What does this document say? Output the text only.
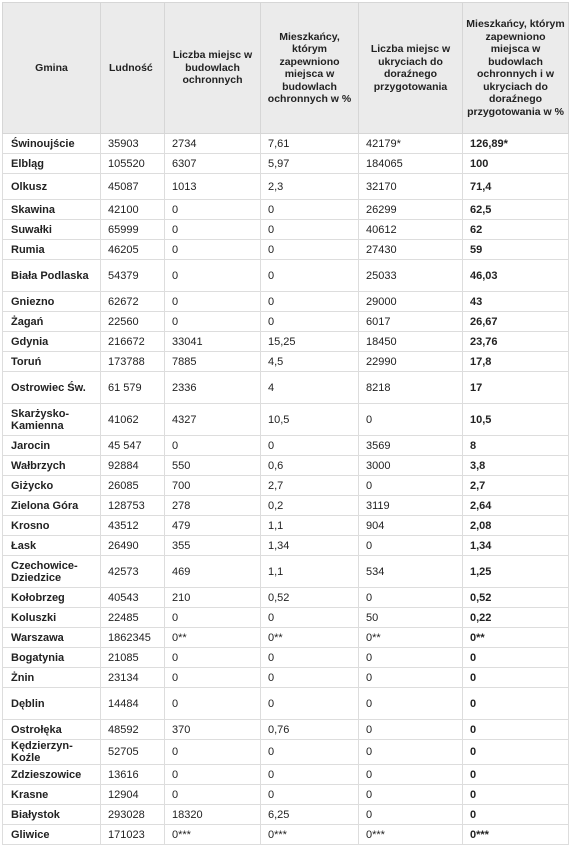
Gmina	Ludność	Liczba miejsc w budowlach ochronnych	Mieszkańcy, którym zapewniono miejsca w budowlach ochronnych w %	Liczba miejsc w ukryciach do doraźnego przygotowania	Mieszkańcy, którym zapewniono miejsca w budowlach ochronnych i w ukryciach do doraźnego przygotowania w %
Świnoujście	35903	2734	7,61	42179*	126,89*
Elbląg	105520	6307	5,97	184065	100
Olkusz	45087	1013	2,3	32170	71,4
Skawina	42100	0	0	26299	62,5
Suwałki	65999	0	0	40612	62
Rumia	46205	0	0	27430	59
Biała Podlaska	54379	0	0	25033	46,03
Gniezno	62672	0	0	29000	43
Żagań	22560	0	0	6017	26,67
Gdynia	216672	33041	15,25	18450	23,76
Toruń	173788	7885	4,5	22990	17,8
Ostrowiec Św.	61 579	2336	4	8218	17
Skarżysko-Kamienna	41062	4327	10,5	0	10,5
Jarocin	45 547	0	0	3569	8
Wałbrzych	92884	550	0,6	3000	3,8
Giżycko	26085	700	2,7	0	2,7
Zielona Góra	128753	278	0,2	3119	2,64
Krosno	43512	479	1,1	904	2,08
Łask	26490	355	1,34	0	1,34
Czechowice-Dziedzice	42573	469	1,1	534	1,25
Kołobrzeg	40543	210	0,52	0	0,52
Koluszki	22485	0	0	50	0,22
Warszawa	1862345	0**	0**	0**	0**
Bogatynia	21085	0	0	0	0
Żnin	23134	0	0	0	0
Dęblin	14484	0	0	0	0
Ostrołęka	48592	370	0,76	0	0
Kędzierzyn-Koźle	52705	0	0	0	0
Zdzieszowice	13616	0	0	0	0
Krasne	12904	0	0	0	0
Białystok	293028	18320	6,25	0	0
Gliwice	171023	0***	0***	0***	0***
